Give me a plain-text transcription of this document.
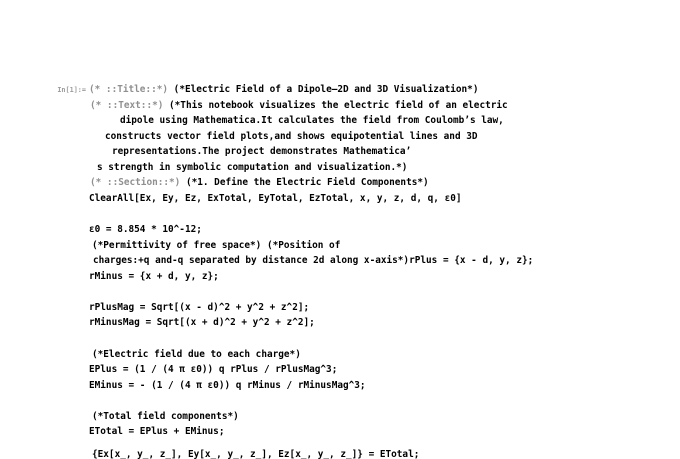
In[1]:= (* ::Title::*) (*Electric Field of a Dipole—2D and 3D Visualization*)
(* ::Text::*) (*This notebook visualizes the electric field of an electric
dipole using Mathematica.It calculates the field from Coulomb’s law,
constructs vector field plots,and shows equipotential lines and 3D
representations.The project demonstrates Mathematica’
s strength in symbolic computation and visualization.*)
(* ::Section::*) (*1. Define the Electric Field Components*)
ClearAll[Ex, Ey, Ez, ExTotal, EyTotal, EzTotal, x, y, z, d, q, ε0]
ε0 = 8.854 * 10^-12;
(*Permittivity of free space*) (*Position of
charges:+q and-q separated by distance 2d along x-axis*)rPlus = {x - d, y, z};
rMinus = {x + d, y, z};
rPlusMag = Sqrt[(x - d)^2 + y^2 + z^2];
rMinusMag = Sqrt[(x + d)^2 + y^2 + z^2];
(*Electric field due to each charge*)
EPlus = (1 / (4 π ε0)) q rPlus / rPlusMag^3;
EMinus = - (1 / (4 π ε0)) q rMinus / rMinusMag^3;
(*Total field components*)
ETotal = EPlus + EMinus;
{Ex[x_, y_, z_], Ey[x_, y_, z_], Ez[x_, y_, z_]} = ETotal;
